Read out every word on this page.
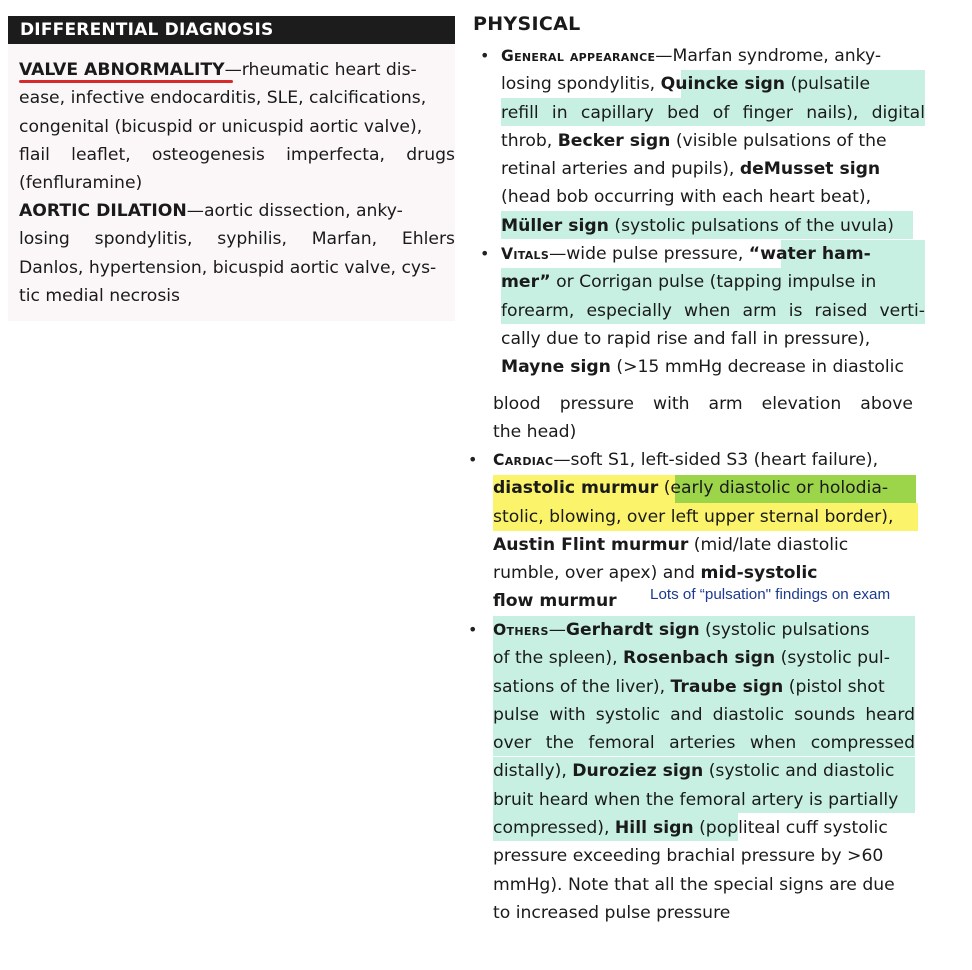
DIFFERENTIAL DIAGNOSIS
VALVE ABNORMALITY—rheumatic heart dis-
ease, infective endocarditis, SLE, calcifications,
congenital (bicuspid or unicuspid aortic valve),
flail leaflet, osteogenesis imperfecta, drugs
(fenfluramine)
AORTIC DILATION—aortic dissection, anky-
losing spondylitis, syphilis, Marfan, Ehlers
Danlos, hypertension, bicuspid aortic valve, cys-
tic medial necrosis
PHYSICAL
•
•
•
•
General appearance—Marfan syndrome, anky-
losing spondylitis, Quincke sign (pulsatile
refill in capillary bed of finger nails), digital
throb, Becker sign (visible pulsations of the
retinal arteries and pupils), deMusset sign
(head bob occurring with each heart beat),
Müller sign (systolic pulsations of the uvula)
Vitals—wide pulse pressure, “water ham-
mer” or Corrigan pulse (tapping impulse in
forearm, especially when arm is raised verti-
cally due to rapid rise and fall in pressure),
Mayne sign (>15 mmHg decrease in diastolic
blood pressure with arm elevation above
the head)
Cardiac—soft S1, left-sided S3 (heart failure),
diastolic murmur (early diastolic or holodia-
stolic, blowing, over left upper sternal border),
Austin Flint murmur (mid/late diastolic
rumble, over apex) and mid-systolic
flow murmur	Lots of “pulsation" findings on exam
Others—Gerhardt sign (systolic pulsations
of the spleen), Rosenbach sign (systolic pul-
sations of the liver), Traube sign (pistol shot
pulse with systolic and diastolic sounds heard
over the femoral arteries when compressed
distally), Duroziez sign (systolic and diastolic
bruit heard when the femoral artery is partially
compressed), Hill sign (popliteal cuff systolic
pressure exceeding brachial pressure by >60
mmHg). Note that all the special signs are due
to increased pulse pressure
